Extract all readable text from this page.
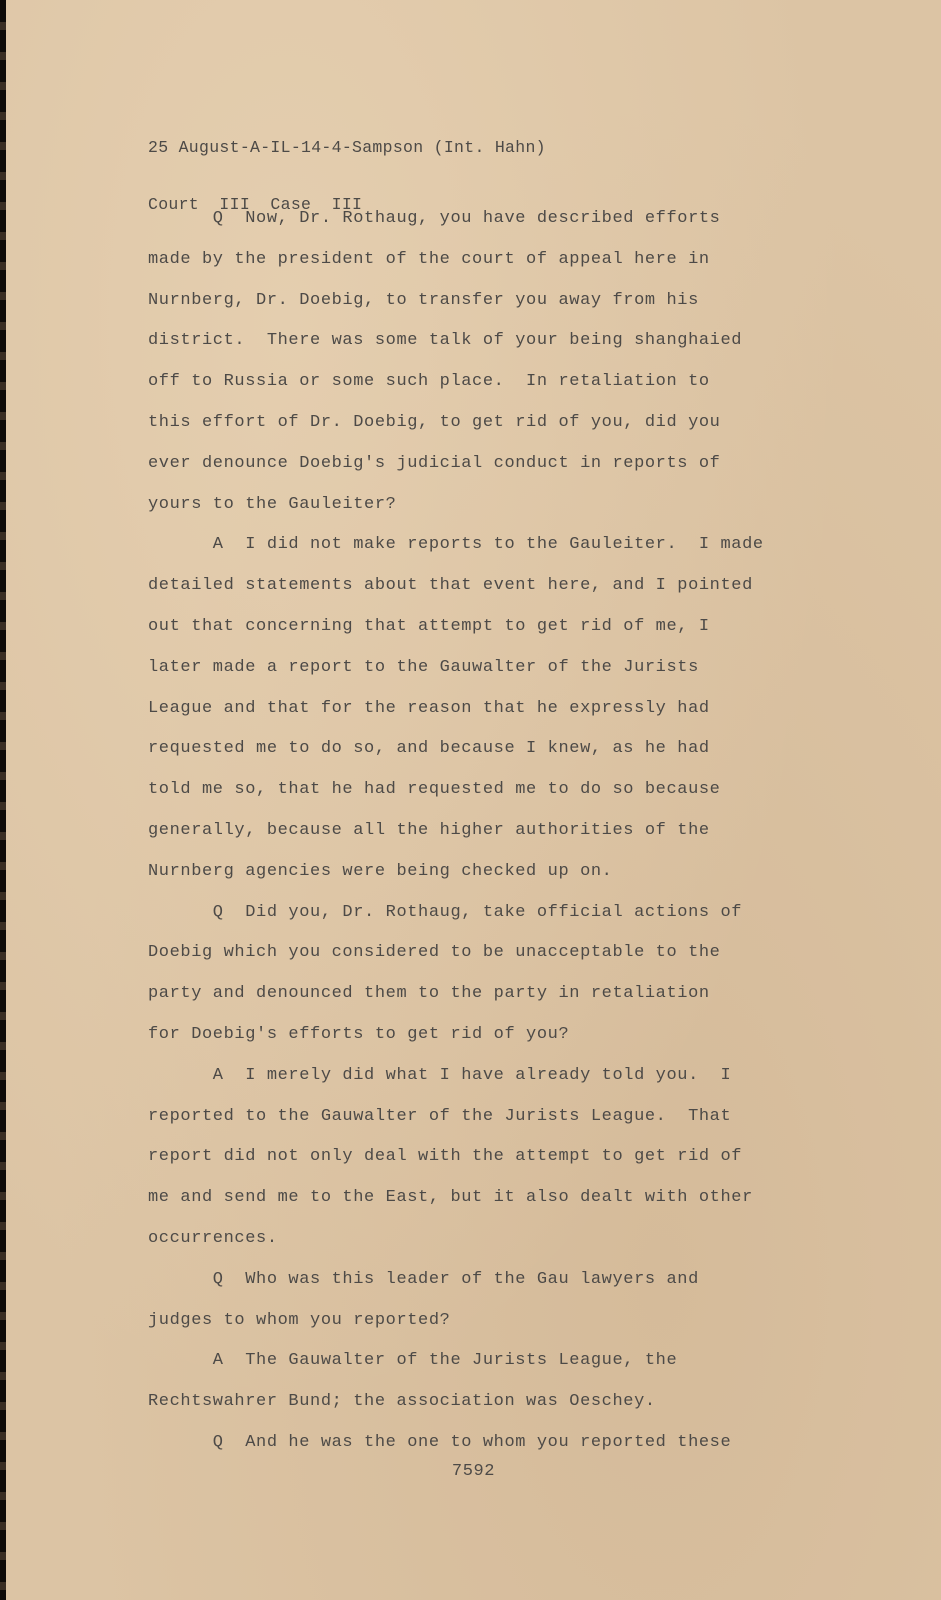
25 August-A-IL-14-4-Sampson (Int. Hahn)

Court  III  Case  III

Q  Now, Dr. Rothaug, you have described efforts
made by the president of the court of appeal here in
Nurnberg, Dr. Doebig, to transfer you away from his
district.  There was some talk of your being shanghaied
off to Russia or some such place.  In retaliation to
this effort of Dr. Doebig, to get rid of you, did you
ever denounce Doebig's judicial conduct in reports of
yours to the Gauleiter?
A  I did not make reports to the Gauleiter.  I made
detailed statements about that event here, and I pointed
out that concerning that attempt to get rid of me, I
later made a report to the Gauwalter of the Jurists
League and that for the reason that he expressly had
requested me to do so, and because I knew, as he had
told me so, that he had requested me to do so because
generally, because all the higher authorities of the
Nurnberg agencies were being checked up on.
Q  Did you, Dr. Rothaug, take official actions of
Doebig which you considered to be unacceptable to the
party and denounced them to the party in retaliation
for Doebig's efforts to get rid of you?
A  I merely did what I have already told you.  I
reported to the Gauwalter of the Jurists League.  That
report did not only deal with the attempt to get rid of
me and send me to the East, but it also dealt with other
occurrences.
Q  Who was this leader of the Gau lawyers and
judges to whom you reported?
A  The Gauwalter of the Jurists League, the
Rechtswahrer Bund; the association was Oeschey.
Q  And he was the one to whom you reported these
7592
